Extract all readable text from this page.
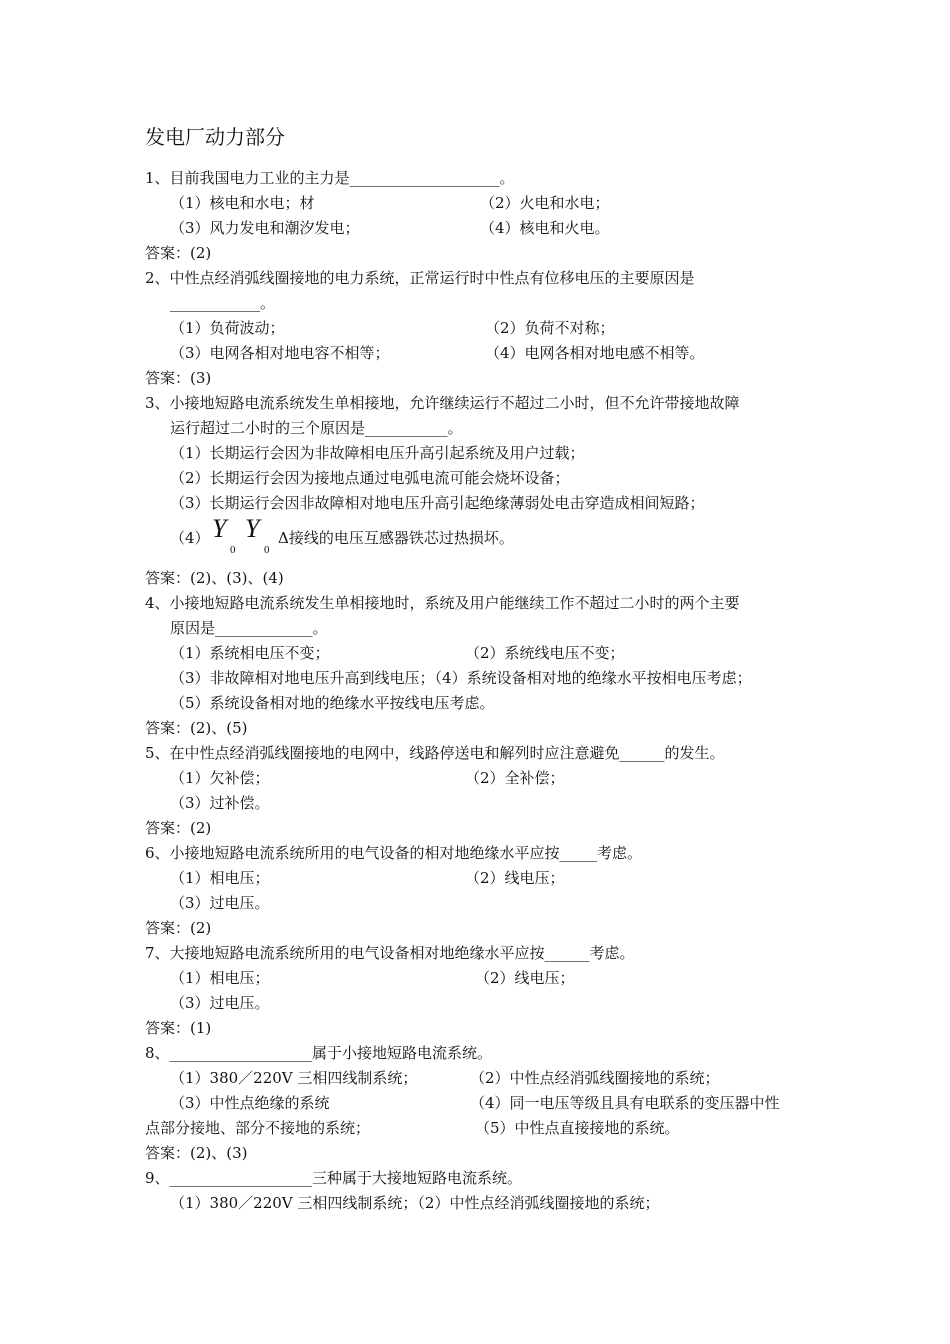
发电厂动力部分
1、目前我国电力工业的主力是____________________。
（1）核电和水电；材	（2）火电和水电；
（3）风力发电和潮汐发电；	（4）核电和火电。
答案：(2)
2、中性点经消弧线圈接地的电力系统，正常运行时中性点有位移电压的主要原因是
____________。
（1）负荷波动；	（2）负荷不对称；
（3）电网各相对地电容不相等；	（4）电网各相对地电感不相等。
答案：(3)
3、小接地短路电流系统发生单相接地，允许继续运行不超过二小时，但不允许带接地故障
运行超过二小时的三个原因是___________。
（1）长期运行会因为非故障相电压升高引起系统及用户过载；
（2）长期运行会因为接地点通过电弧电流可能会烧坏设备；
（3）长期运行会因非故障相对地电压升高引起绝缘薄弱处电击穿造成相间短路；
（4） Y
0
Y
0
Δ接线的电压互感器铁芯过热损坏。
答案：(2)、(3)、(4)
4、小接地短路电流系统发生单相接地时，系统及用户能继续工作不超过二小时的两个主要
原因是_____________。
（1）系统相电压不变；	（2）系统线电压不变；
（3）非故障相对地电压升高到线电压；（4）系统设备相对地的绝缘水平按相电压考虑；
（5）系统设备相对地的绝缘水平按线电压考虑。
答案：(2)、(5)
5、在中性点经消弧线圈接地的电网中，线路停送电和解列时应注意避免______的发生。
（1）欠补偿；	（2）全补偿；
（3）过补偿。
答案：(2)
6、小接地短路电流系统所用的电气设备的相对地绝缘水平应按_____考虑。
（1）相电压；	（2）线电压；
（3）过电压。
答案：(2)
7、大接地短路电流系统所用的电气设备相对地绝缘水平应按______考虑。
（1）相电压；	（2）线电压；
（3）过电压。
答案：(1)
8、___________________属于小接地短路电流系统。
（1）380／220V 三相四线制系统；	（2）中性点经消弧线圈接地的系统；
（3）中性点绝缘的系统	（4）同一电压等级且具有电联系的变压器中性
点部分接地、部分不接地的系统；	（5）中性点直接接地的系统。
答案：(2)、(3)
9、___________________三种属于大接地短路电流系统。
（1）380／220V 三相四线制系统；（2）中性点经消弧线圈接地的系统；
